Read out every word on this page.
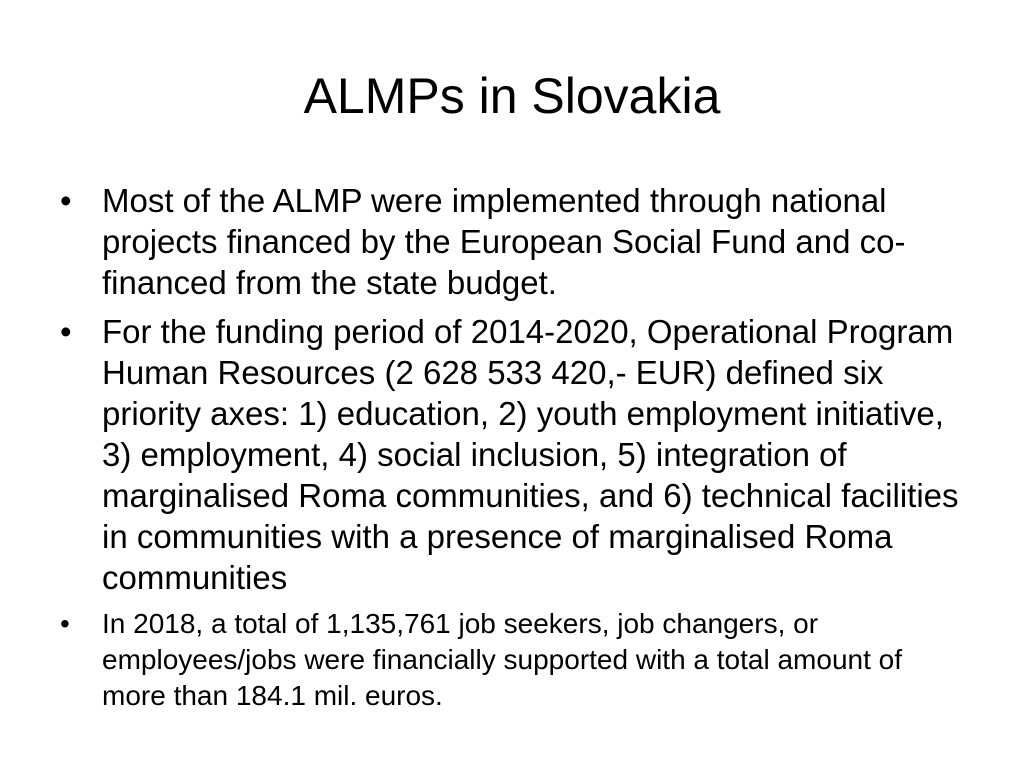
ALMPs in Slovakia
• Most of the ALMP were implemented through national projects financed by the European Social Fund and co-financed from the state budget.
• For the funding period of 2014-2020, Operational Program Human Resources (2 628 533 420,- EUR) defined six priority axes: 1) education, 2) youth employment initiative, 3) employment, 4) social inclusion, 5) integration of marginalised Roma communities, and 6) technical facilities in communities with a presence of marginalised Roma communities
• In 2018, a total of 1,135,761 job seekers, job changers, or employees/jobs were financially supported with a total amount of more than 184.1 mil. euros.
